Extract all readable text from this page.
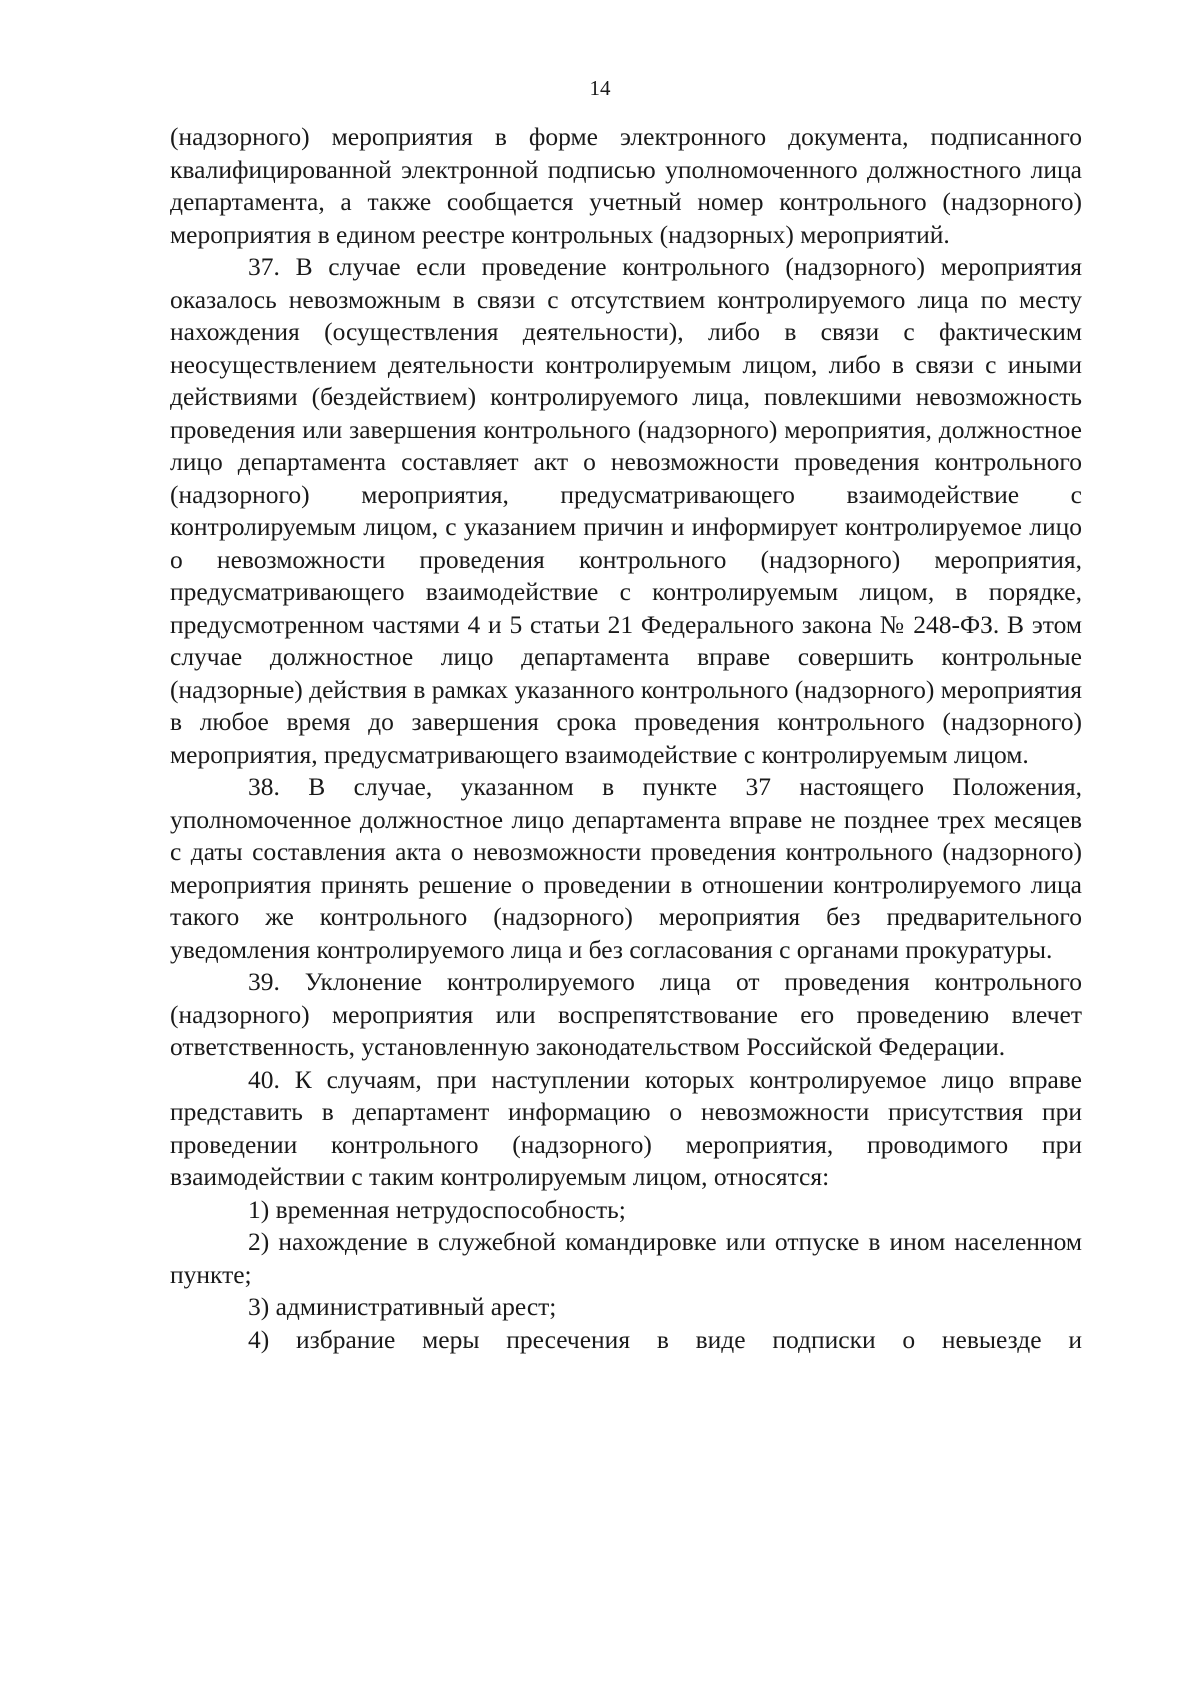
14

(надзорного) мероприятия в форме электронного документа, подписанного квалифицированной электронной подписью уполномоченного должностного лица департамента, а также сообщается учетный номер контрольного (надзорного) мероприятия в едином реестре контрольных (надзорных) мероприятий.

37. В случае если проведение контрольного (надзорного) мероприятия оказалось невозможным в связи с отсутствием контролируемого лица по месту нахождения (осуществления деятельности), либо в связи с фактическим неосуществлением деятельности контролируемым лицом, либо в связи с иными действиями (бездействием) контролируемого лица, повлекшими невозможность проведения или завершения контрольного (надзорного) мероприятия, должностное лицо департамента составляет акт о невозможности проведения контрольного (надзорного) мероприятия, предусматривающего взаимодействие с контролируемым лицом, с указанием причин и информирует контролируемое лицо о невозможности проведения контрольного (надзорного) мероприятия, предусматривающего взаимодействие с контролируемым лицом, в порядке, предусмотренном частями 4 и 5 статьи 21 Федерального закона № 248-ФЗ. В этом случае должностное лицо департамента вправе совершить контрольные (надзорные) действия в рамках указанного контрольного (надзорного) мероприятия в любое время до завершения срока проведения контрольного (надзорного) мероприятия, предусматривающего взаимодействие с контролируемым лицом.

38. В случае, указанном в пункте 37 настоящего Положения, уполномоченное должностное лицо департамента вправе не позднее трех месяцев с даты составления акта о невозможности проведения контрольного (надзорного) мероприятия принять решение о проведении в отношении контролируемого лица такого же контрольного (надзорного) мероприятия без предварительного уведомления контролируемого лица и без согласования с органами прокуратуры.

39. Уклонение контролируемого лица от проведения контрольного (надзорного) мероприятия или воспрепятствование его проведению влечет ответственность, установленную законодательством Российской Федерации.

40. К случаям, при наступлении которых контролируемое лицо вправе представить в департамент информацию о невозможности присутствия при проведении контрольного (надзорного) мероприятия, проводимого при взаимодействии с таким контролируемым лицом, относятся:

1) временная нетрудоспособность;

2) нахождение в служебной командировке или отпуске в ином населенном пункте;

3) административный арест;

4) избрание меры пресечения в виде подписки о невыезде и
